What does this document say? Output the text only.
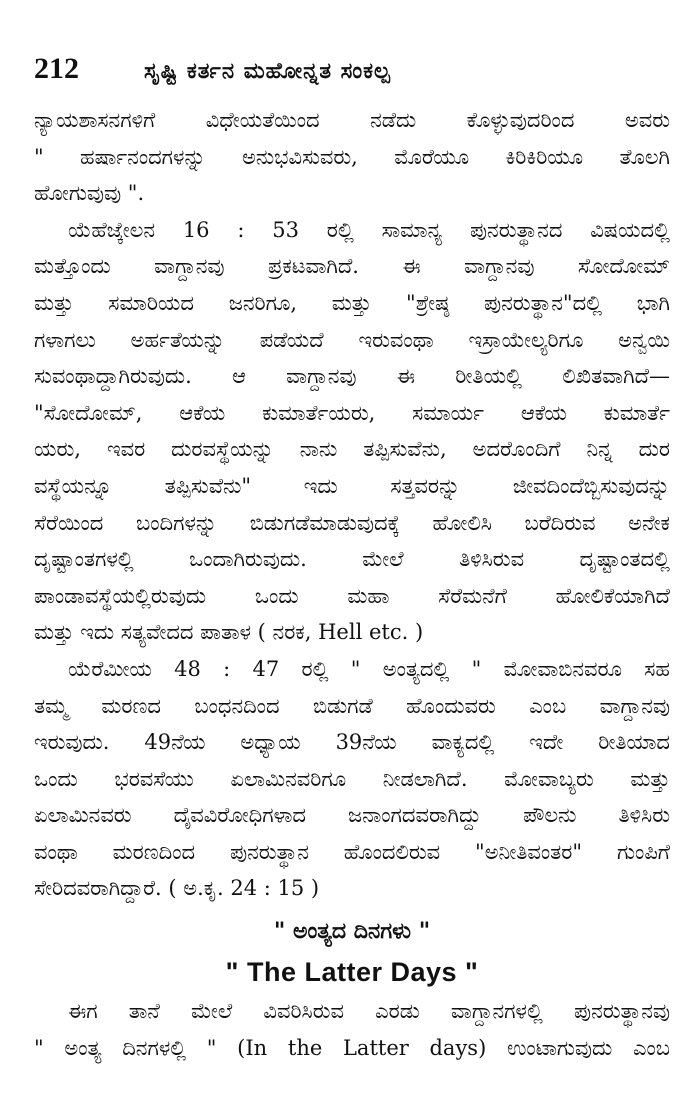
212	ಸೃಷ್ಟಿ ಕರ್ತನ ಮಹೋನ್ನತ ಸಂಕಲ್ಪ
ನ್ಯಾಯಶಾಸನಗಳಿಗೆ ವಿಧೇಯತೆಯಿಂದ ನಡೆದು ಕೊಳ್ಳುವುದರಿಂದ ಅವರು
" ಹರ್ಷಾನಂದಗಳನ್ನು ಅನುಭವಿಸುವರು, ಮೊರೆಯೂ ಕಿರಿಕಿರಿಯೂ ತೊಲಗಿ
ಹೋಗುವುವು ".
ಯೆಹೆಜ್ಕೇಲನ 16 : 53 ರಲ್ಲಿ ಸಾಮಾನ್ಯ ಪುನರುತ್ಥಾನದ ವಿಷಯದಲ್ಲಿ
ಮತ್ತೊಂದು ವಾಗ್ದಾನವು ಪ್ರಕಟವಾಗಿದೆ. ಈ ವಾಗ್ದಾನವು ಸೋದೋಮ್
ಮತ್ತು ಸಮಾರಿಯದ ಜನರಿಗೂ, ಮತ್ತು "ಶ್ರೇಷ್ಠ ಪುನರುತ್ಥಾನ"ದಲ್ಲಿ ಭಾಗಿ
ಗಳಾಗಲು ಅರ್ಹತೆಯನ್ನು ಪಡೆಯದೆ ಇರುವಂಥಾ ಇಸ್ರಾಯೇಲ್ಯರಿಗೂ ಅನ್ವಯಿ
ಸುವಂಥಾದ್ದಾಗಿರುವುದು. ಆ ವಾಗ್ದಾನವು ಈ ರೀತಿಯಲ್ಲಿ ಲಿಖಿತವಾಗಿದೆ—
"ಸೋದೋಮ್, ಆಕೆಯ ಕುಮಾರ್ತೆಯರು, ಸಮಾರ್ಯ ಆಕೆಯ ಕುಮಾರ್ತೆ
ಯರು, ಇವರ ದುರವಸ್ಥೆಯನ್ನು ನಾನು ತಪ್ಪಿಸುವೆನು, ಅದರೊಂದಿಗೆ ನಿನ್ನ ದುರ
ವಸ್ಥೆಯನ್ನೂ ತಪ್ಪಿಸುವೆನು" ಇದು ಸತ್ತವರನ್ನು ಜೀವದಿಂದೆಬ್ಬಿಸುವುದನ್ನು
ಸೆರೆಯಿಂದ ಬಂದಿಗಳನ್ನು ಬಿಡುಗಡೆಮಾಡುವುದಕ್ಕೆ ಹೋಲಿಸಿ ಬರೆದಿರುವ ಅನೇಕ
ದೃಷ್ಟಾಂತಗಳಲ್ಲಿ ಒಂದಾಗಿರುವುದು. ಮೇಲೆ ತಿಳಿಸಿರುವ ದೃಷ್ಟಾಂತದಲ್ಲಿ
ಪಾಂಡಾವಸ್ಥೆಯಲ್ಲಿರುವುದು ಒಂದು ಮಹಾ ಸೆರೆಮನೆಗೆ ಹೋಲಿಕೆಯಾಗಿದೆ
ಮತ್ತು ಇದು ಸತ್ಯವೇದದ ಪಾತಾಳ ( ನರಕ, Hell etc. )
ಯೆರೆಮೀಯ 48 : 47 ರಲ್ಲಿ " ಅಂತ್ಯದಲ್ಲಿ " ಮೋವಾಬಿನವರೂ ಸಹ
ತಮ್ಮ ಮರಣದ ಬಂಧನದಿಂದ ಬಿಡುಗಡೆ ಹೊಂದುವರು ಎಂಬ ವಾಗ್ದಾನವು
ಇರುವುದು. 49ನೆಯ ಅಧ್ಯಾಯ 39ನೆಯ ವಾಕ್ಯದಲ್ಲಿ ಇದೇ ರೀತಿಯಾದ
ಒಂದು ಭರವಸೆಯು ಏಲಾಮಿನವರಿಗೂ ನೀಡಲಾಗಿದೆ. ಮೋವಾಬ್ಯರು ಮತ್ತು
ಏಲಾಮಿನವರು ದೈವವಿರೋಧಿಗಳಾದ ಜನಾಂಗದವರಾಗಿದ್ದು ಪೌಲನು ತಿಳಿಸಿರು
ವಂಥಾ ಮರಣದಿಂದ ಪುನರುತ್ಥಾನ ಹೊಂದಲಿರುವ "ಅನೀತಿವಂತರ" ಗುಂಪಿಗೆ
ಸೇರಿದವರಾಗಿದ್ದಾರೆ. ( ಅ.ಕೃ. 24 : 15 )
" ಅಂತ್ಯದ ದಿನಗಳು "
" The Latter Days "
ಈಗ ತಾನೆ ಮೇಲೆ ವಿವರಿಸಿರುವ ಎರಡು ವಾಗ್ದಾನಗಳಲ್ಲಿ ಪುನರುತ್ಥಾನವು
" ಅಂತ್ಯ ದಿನಗಳಲ್ಲಿ " (In the Latter days) ಉಂಟಾಗುವುದು ಎಂಬ
